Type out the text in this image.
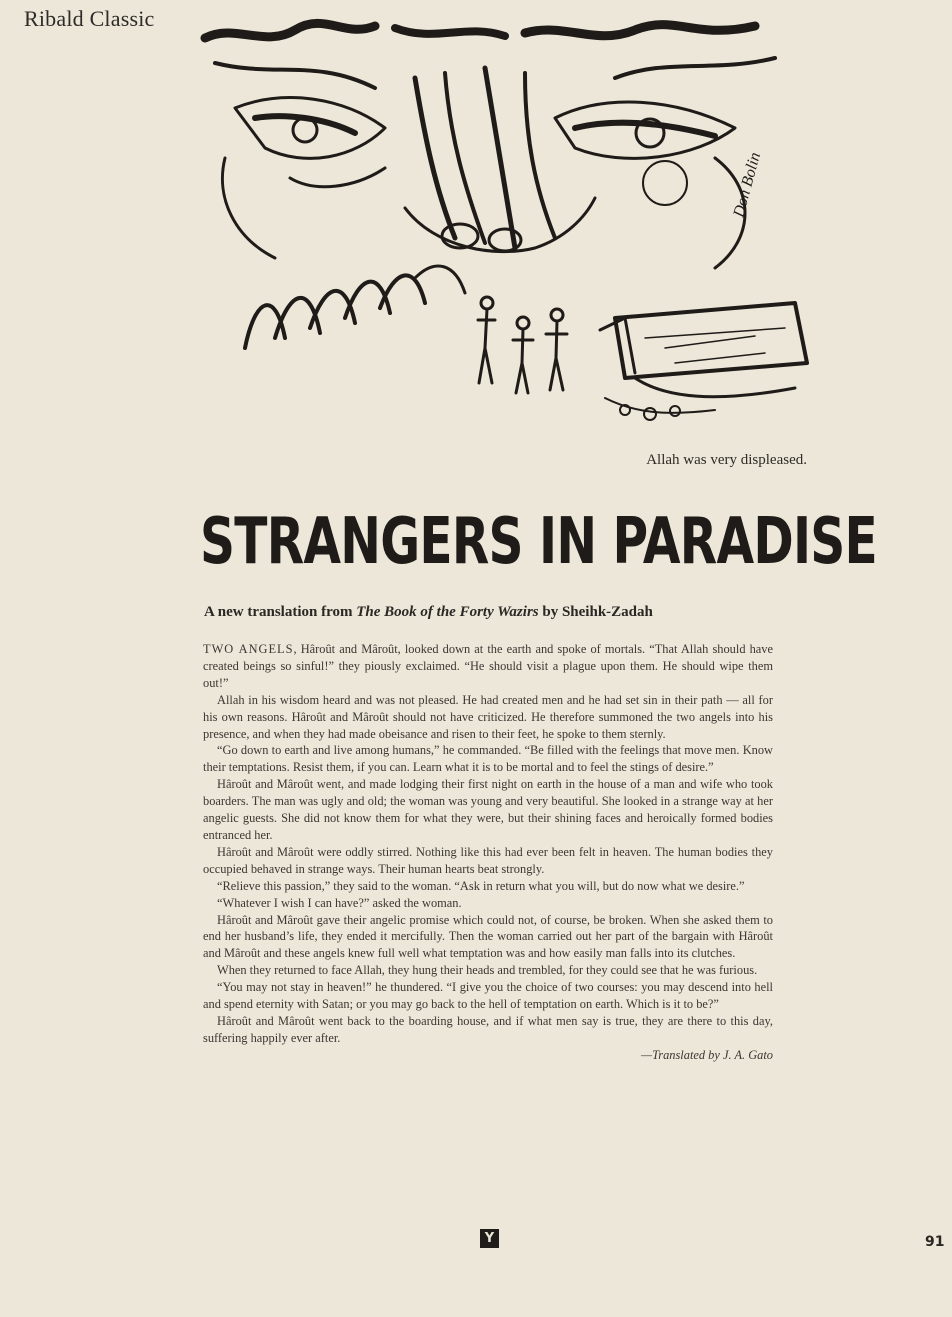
Ribald Classic
Don Bolin
Allah was very displeased.
STRANGERS IN PARADISE
A new translation from The Book of the Forty Wazirs by Sheihk-Zadah

TWO ANGELS, Hâroût and Mâroût, looked down at the earth and spoke of mortals. “That Allah should have created beings so sinful!” they piously exclaimed. “He should visit a plague upon them. He should wipe them out!”

Allah in his wisdom heard and was not pleased. He had created men and he had set sin in their path — all for his own reasons. Hâroût and Mâroût should not have criticized. He therefore summoned the two angels into his presence, and when they had made obeisance and risen to their feet, he spoke to them sternly.

“Go down to earth and live among humans,” he commanded. “Be filled with the feelings that move men. Know their temptations. Resist them, if you can. Learn what it is to be mortal and to feel the stings of desire.”

Hâroût and Mâroût went, and made lodging their first night on earth in the house of a man and wife who took boarders. The man was ugly and old; the woman was young and very beautiful. She looked in a strange way at her angelic guests. She did not know them for what they were, but their shining faces and heroically formed bodies entranced her.

Hâroût and Mâroût were oddly stirred. Nothing like this had ever been felt in heaven. The human bodies they occupied behaved in strange ways. Their human hearts beat strongly.

“Relieve this passion,” they said to the woman. “Ask in return what you will, but do now what we desire.”

“Whatever I wish I can have?” asked the woman.

Hâroût and Mâroût gave their angelic promise which could not, of course, be broken. When she asked them to end her husband’s life, they ended it mercifully. Then the woman carried out her part of the bargain with Hâroût and Mâroût and these angels knew full well what temptation was and how easily man falls into its clutches.

When they returned to face Allah, they hung their heads and trembled, for they could see that he was furious.

“You may not stay in heaven!” he thundered. “I give you the choice of two courses: you may descend into hell and spend eternity with Satan; or you may go back to the hell of temptation on earth. Which is it to be?”

Hâroût and Mâroût went back to the boarding house, and if what men say is true, they are there to this day, suffering happily ever after.

—Translated by J. A. Gato

Y	91
